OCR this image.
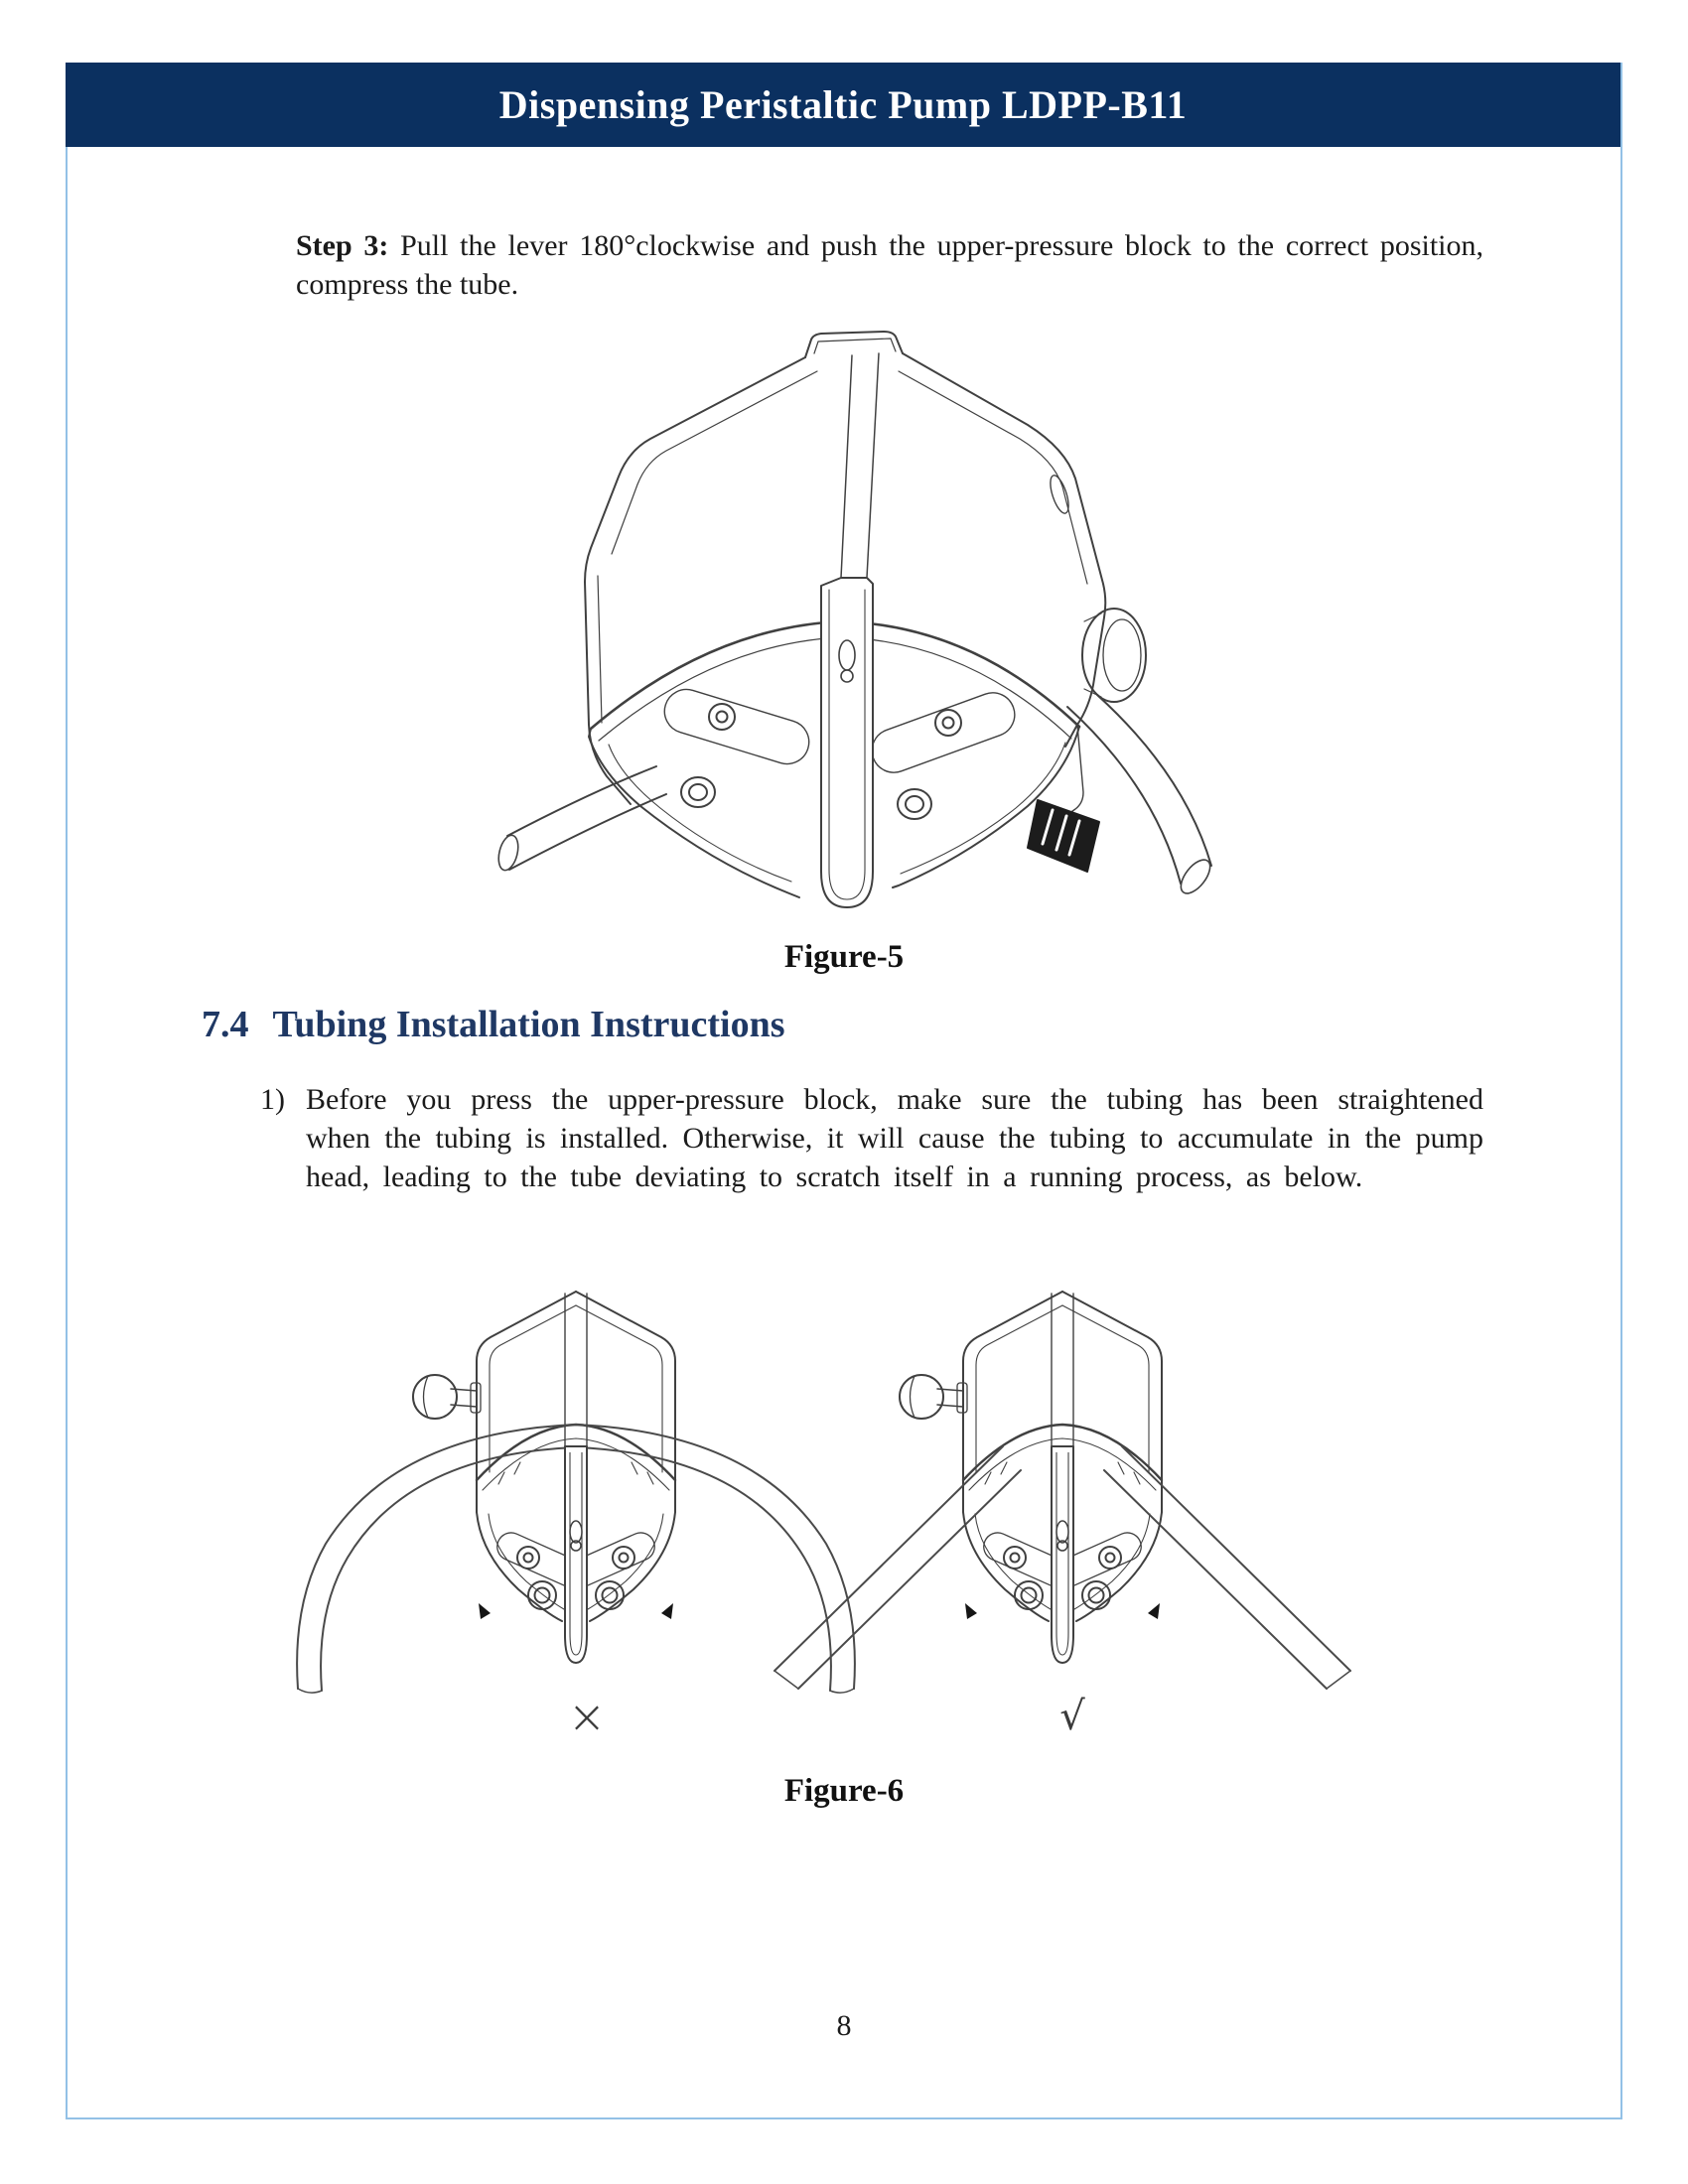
Dispensing Peristaltic Pump LDPP-B11
Step 3: Pull the lever 180°clockwise and push the upper-pressure block to the correct position, compress the tube.
Figure-5
7.4 Tubing Installation Instructions
1) Before you press the upper-pressure block, make sure the tubing has been straightened when the tubing is installed. Otherwise, it will cause the tubing to accumulate in the pump head, leading to the tube deviating to scratch itself in a running process, as below.
×	√
Figure-6
8
